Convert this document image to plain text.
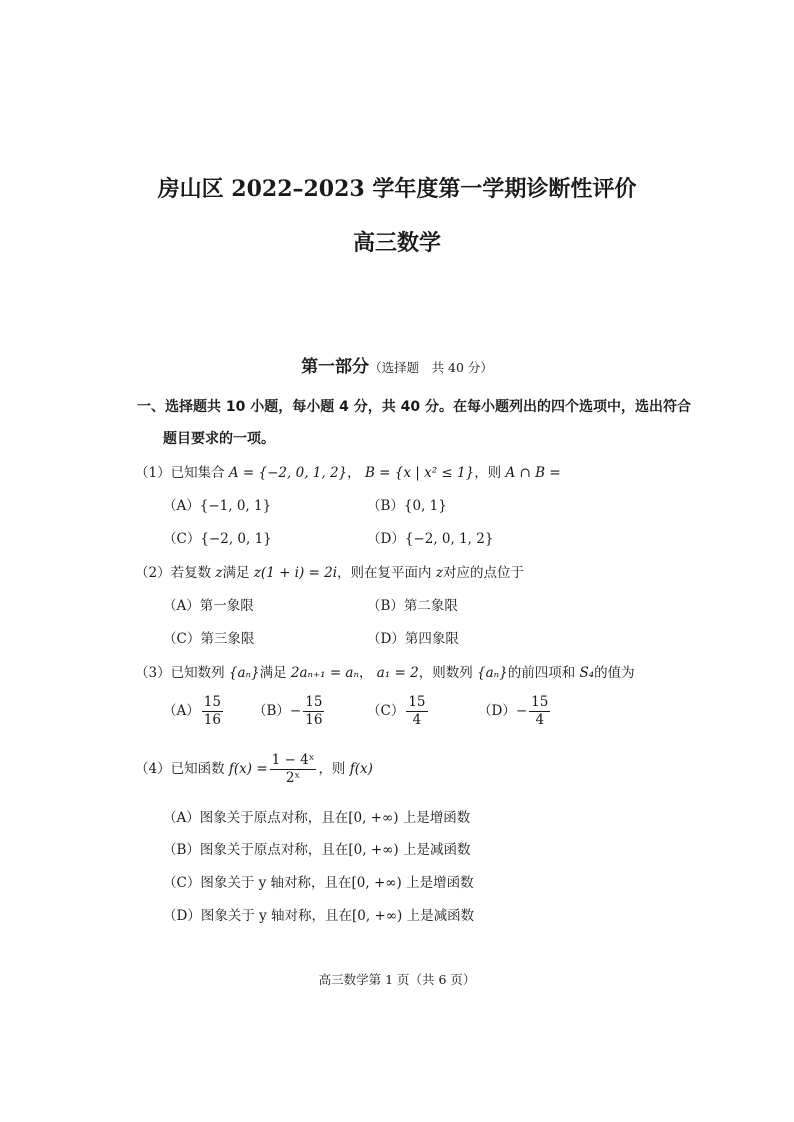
房山区 2022–2023 学年度第一学期诊断性评价
高三数学
第一部分（选择题　共 40 分）
一、选择题共 10 小题，每小题 4 分，共 40 分。在每小题列出的四个选项中，选出符合
题目要求的一项。
（1）已知集合 A = {−2, 0, 1, 2}， B = {x | x² ≤ 1}，则 A ∩ B =
（A）{−1, 0, 1}	（B）{0, 1}
（C）{−2, 0, 1}	（D）{−2, 0, 1, 2}
（2）若复数 z满足 z(1 + i) = 2i，则在复平面内 z对应的点位于
（A）第一象限	（B）第二象限
（C）第三象限	（D）第四象限
（3）已知数列 {aₙ}满足 2aₙ₊₁ = aₙ， a₁ = 2，则数列 {aₙ}的前四项和 S₄的值为
$(A) \frac{15}{16} (B)- \frac{15}{16}$	$(C) \frac{15}{4}$	$(D)- \frac{15}{4}$
（4）已知函数 $f(x) = \frac{\text{1 − 4ˣ}}{\text{2ˣ}}$ ，则 f(x)
（A）图象关于原点对称，且在[0, +∞) 上是增函数
（B）图象关于原点对称，且在[0, +∞) 上是减函数
（C）图象关于 y 轴对称，且在[0, +∞) 上是增函数
（D）图象关于 y 轴对称，且在[0, +∞) 上是减函数
高三数学第 1 页（共 6 页）
